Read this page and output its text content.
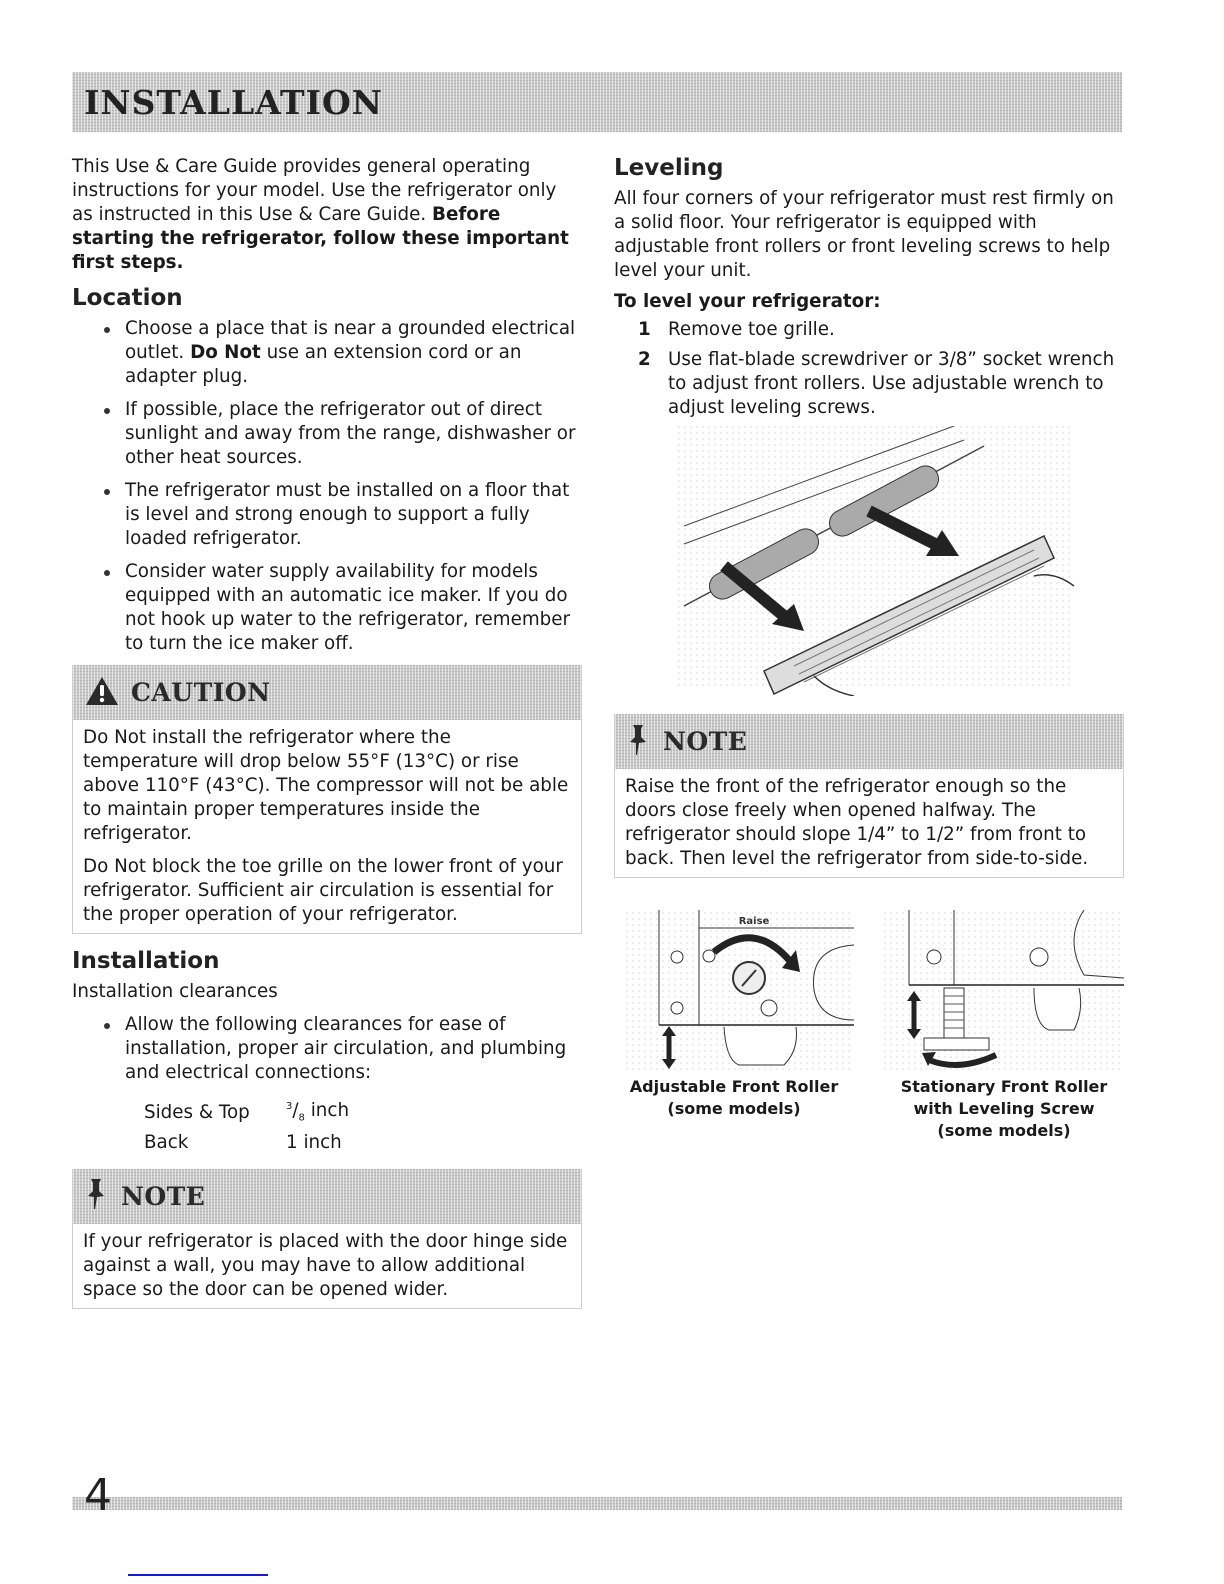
INSTALLATION

This Use & Care Guide provides general operating instructions for your model. Use the refrigerator only as instructed in this Use & Care Guide. Before starting the refrigerator, follow these important first steps.

Location
Choose a place that is near a grounded electrical outlet. Do Not use an extension cord or an adapter plug.
If possible, place the refrigerator out of direct sunlight and away from the range, dishwasher or other heat sources.
The refrigerator must be installed on a floor that is level and strong enough to support a fully loaded refrigerator.
Consider water supply availability for models equipped with an automatic ice maker. If you do not hook up water to the refrigerator, remember to turn the ice maker off.
CAUTION

Do Not install the refrigerator where the temperature will drop below 55°F (13°C) or rise above 110°F (43°C). The compressor will not be able to maintain proper temperatures inside the refrigerator.

Do Not block the toe grille on the lower front of your refrigerator. Sufficient air circulation is essential for the proper operation of your refrigerator.

Installation

Installation clearances

Allow the following clearances for ease of installation, proper air circulation, and plumbing and electrical connections:
Sides & Top	$^3/_8$ inch
Back	1 inch
NOTE

If your refrigerator is placed with the door hinge side against a wall, you may have to allow additional space so the door can be opened wider.

Leveling

All four corners of your refrigerator must rest firmly on a solid floor. Your refrigerator is equipped with adjustable front rollers or front leveling screws to help level your unit.

To level your refrigerator:
1 Remove toe grille.
2 Use flat-blade screwdriver or 3/8” socket wrench to adjust front rollers. Use adjustable wrench to adjust leveling screws.
NOTE

Raise the front of the refrigerator enough so the doors close freely when opened halfway. The refrigerator should slope 1/4” to 1/2” from front to back. Then level the refrigerator from side-to-side.

Raise
Adjustable Front Roller
(some models)
Stationary Front Roller
with Leveling Screw
(some models)
4
